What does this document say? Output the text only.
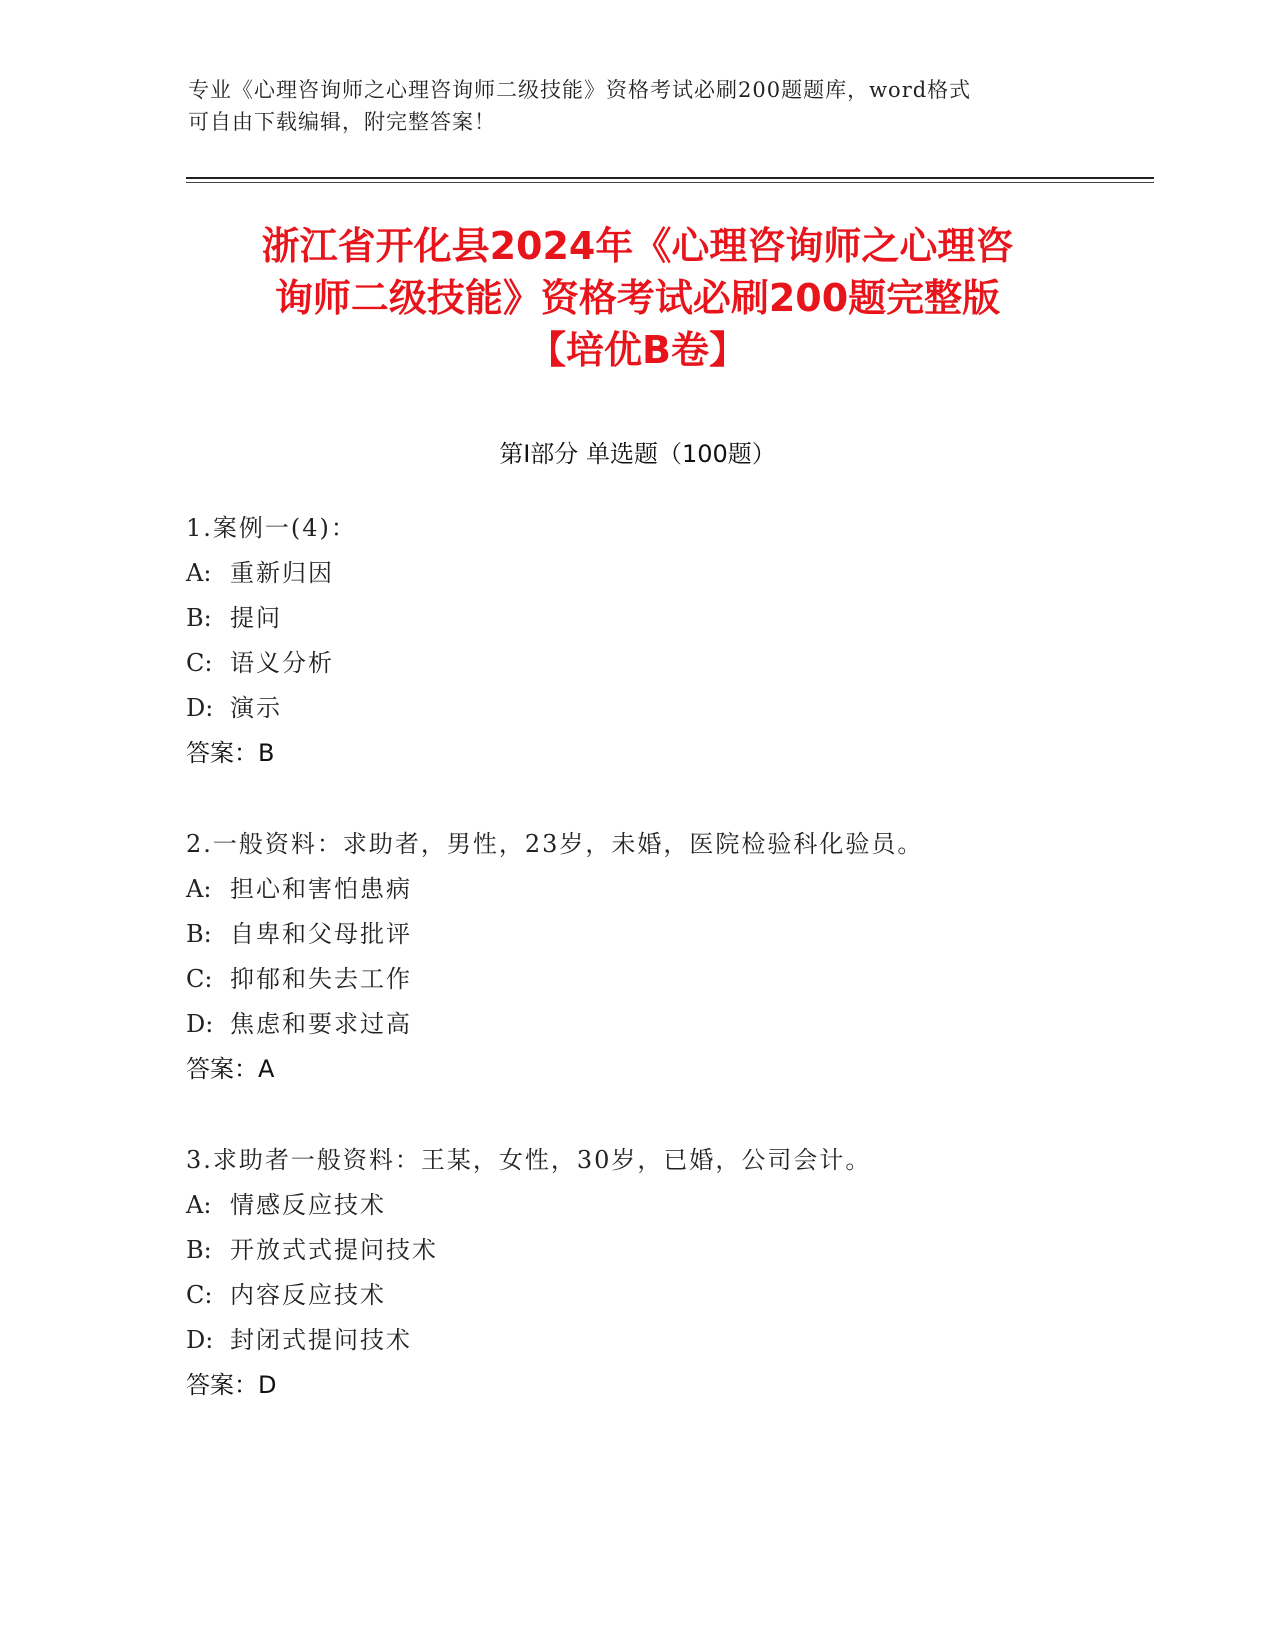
专业《心理咨询师之心理咨询师二级技能》资格考试必刷200题题库，word格式
可自由下载编辑，附完整答案！
浙江省开化县2024年《心理咨询师之心理咨
询师二级技能》资格考试必刷200题完整版
【培优B卷】
第I部分 单选题（100题）
1.案例一(4)：
A: 重新归因
B: 提问
C: 语义分析
D: 演示
答案：B
2.一般资料：求助者，男性，23岁，未婚，医院检验科化验员。
A: 担心和害怕患病
B: 自卑和父母批评
C: 抑郁和失去工作
D: 焦虑和要求过高
答案：A
3.求助者一般资料：王某，女性，30岁，已婚，公司会计。
A: 情感反应技术
B: 开放式式提问技术
C: 内容反应技术
D: 封闭式提问技术
答案：D
